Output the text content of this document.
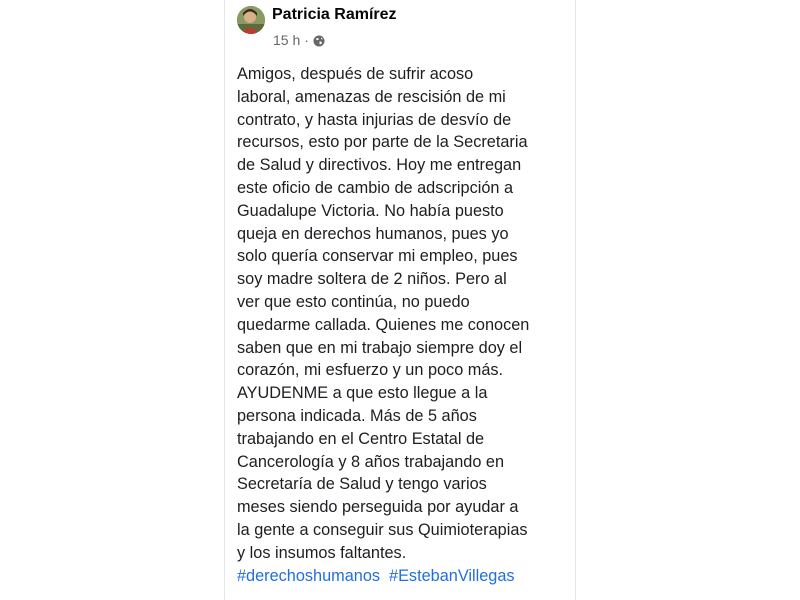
Patricia Ramírez
15 h ·
Amigos, después de sufrir acoso
laboral, amenazas de rescisión de mi
contrato, y hasta injurias de desvío de
recursos, esto por parte de la Secretaria
de Salud y directivos. Hoy me entregan
este oficio de cambio de adscripción a
Guadalupe Victoria. No había puesto
queja en derechos humanos, pues yo
solo quería conservar mi empleo, pues
soy madre soltera de 2 niños. Pero al
ver que esto continúa, no puedo
quedarme callada. Quienes me conocen
saben que en mi trabajo siempre doy el
corazón, mi esfuerzo y un poco más.
AYUDENME a que esto llegue a la
persona indicada. Más de 5 años
trabajando en el Centro Estatal de
Cancerología y 8 años trabajando en
Secretaría de Salud y tengo varios
meses siendo perseguida por ayudar a
la gente a conseguir sus Quimioterapias
y los insumos faltantes.
#derechoshumanos #EstebanVillegas
